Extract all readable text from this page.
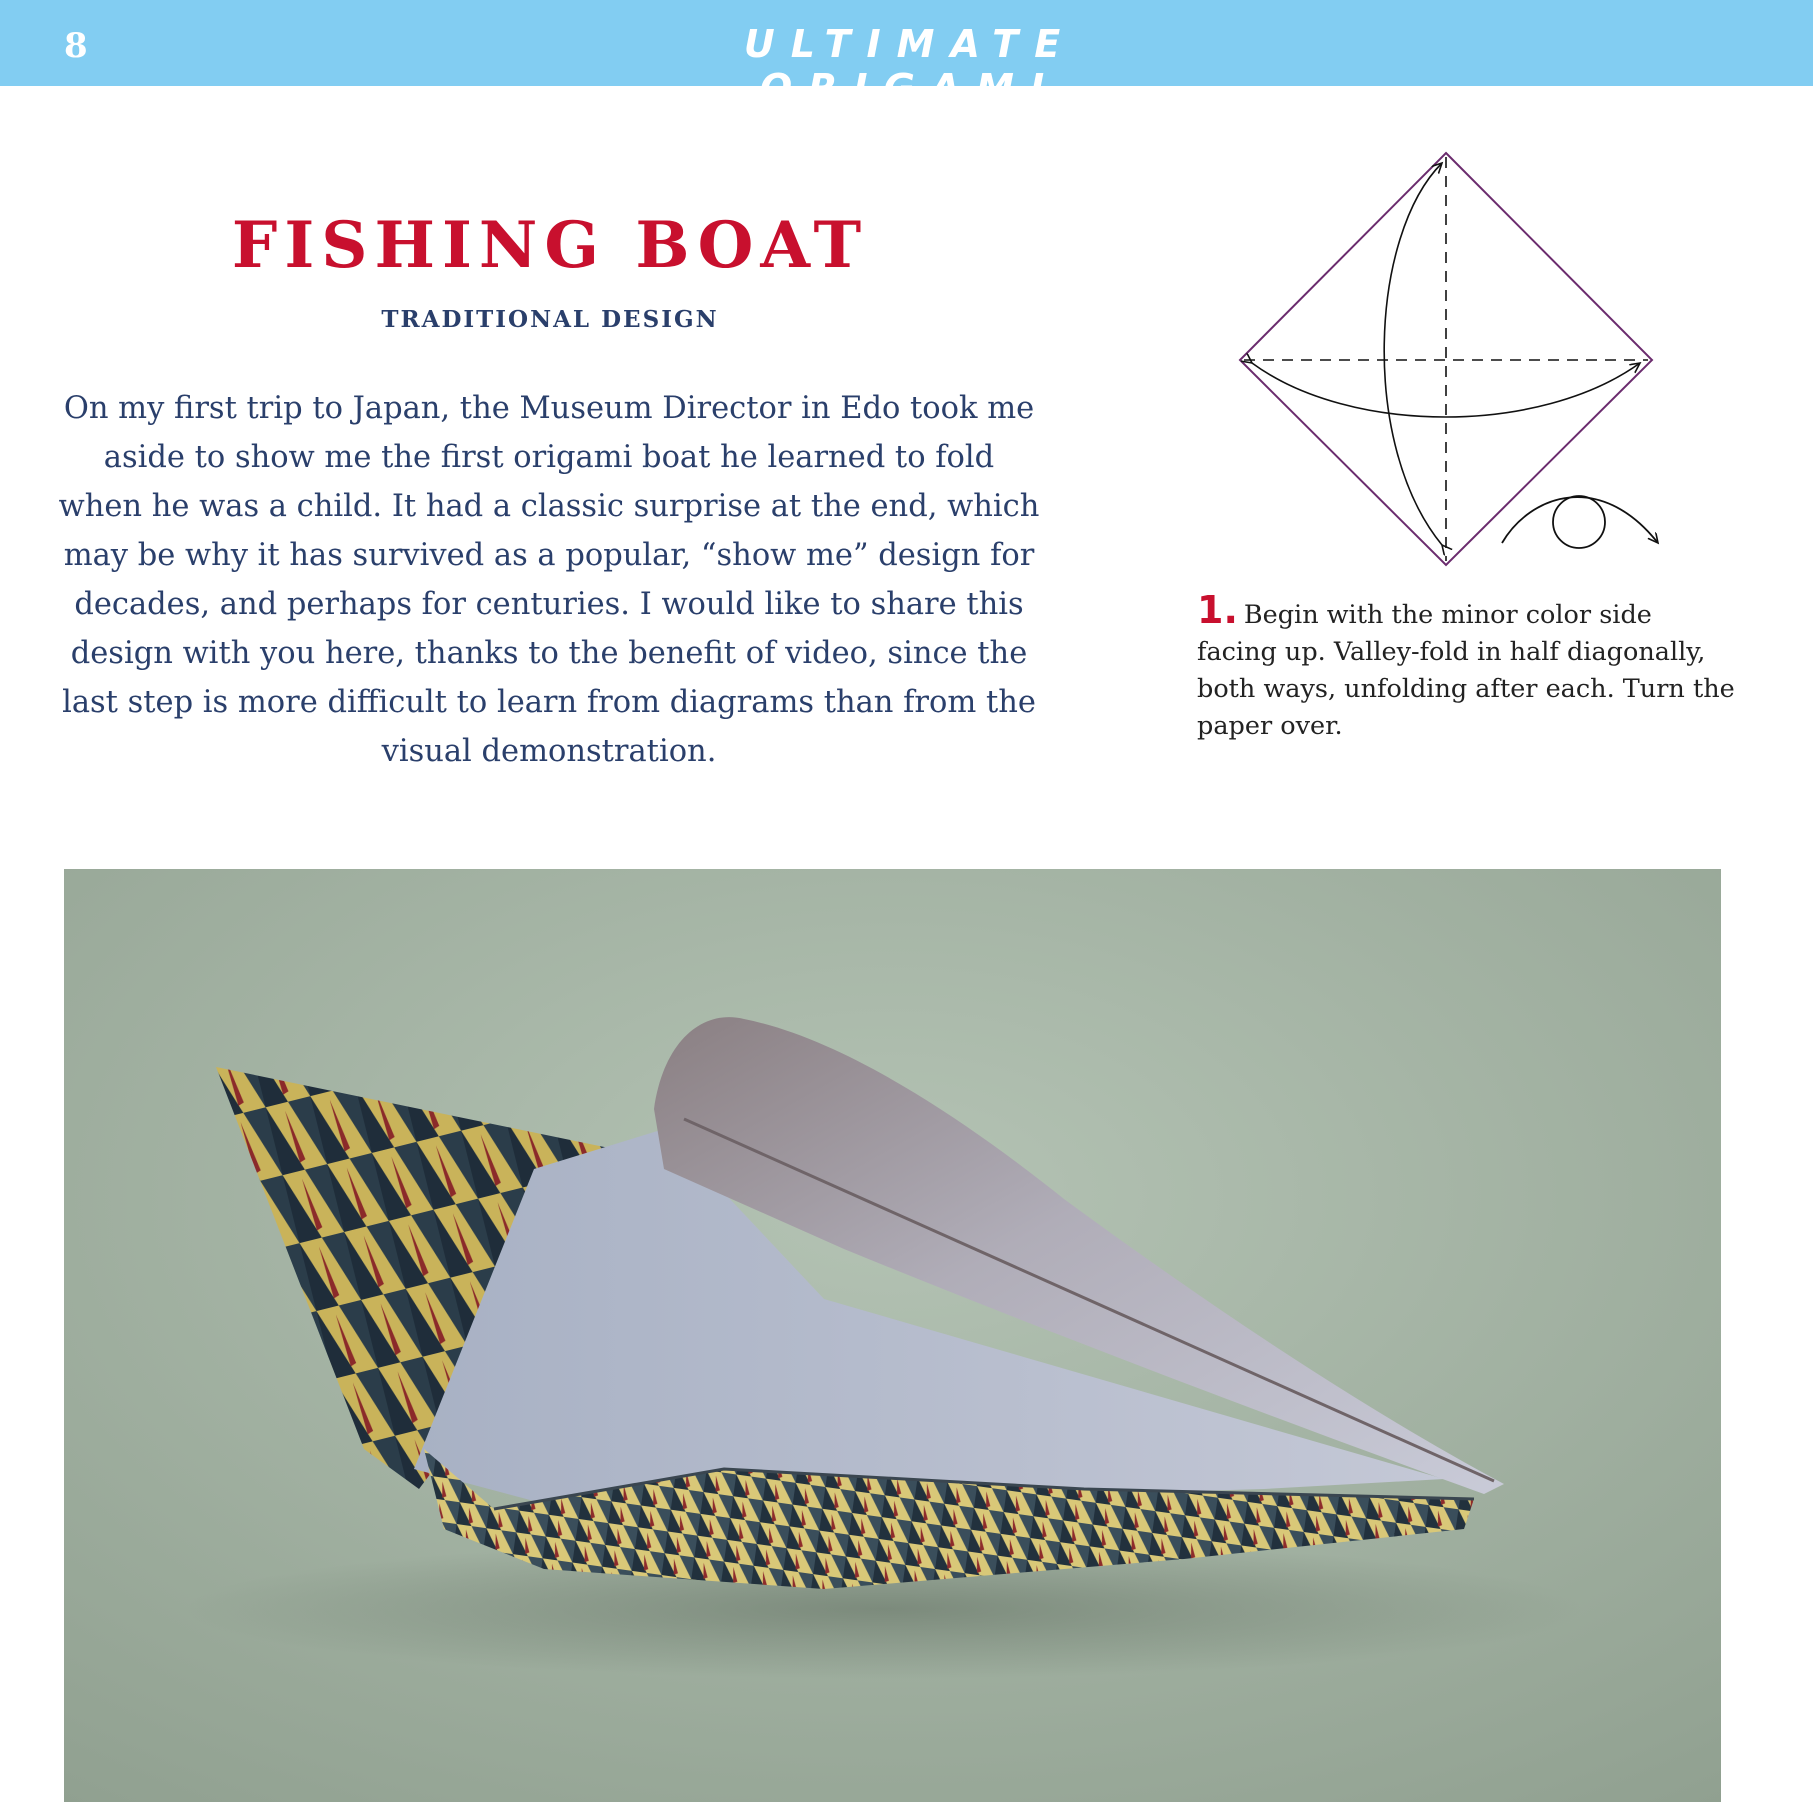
8	ULTIMATE ORIGAMI
FISHING BOAT
TRADITIONAL DESIGN

On my first trip to Japan, the Museum Director in Edo took me aside to show me the first origami boat he learned to fold when he was a child. It had a classic surprise at the end, which may be why it has survived as a popular, “show me” design for decades, and perhaps for centuries. I would like to share this design with you here, thanks to the benefit of video, since the last step is more difficult to learn from diagrams than from the visual demonstration.

1. Begin with the minor color side facing up. Valley-fold in half diagonally, both ways, unfolding after each. Turn the paper over.
